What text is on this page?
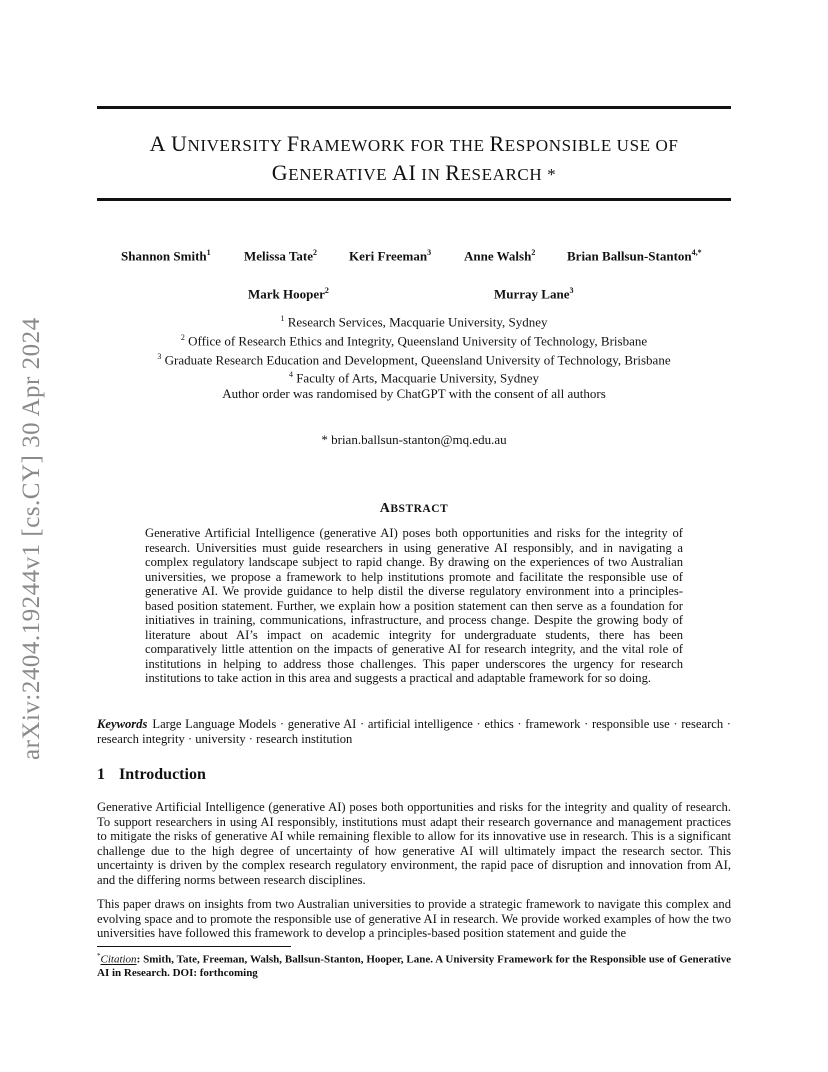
arXiv:2404.19244v1 [cs.CY] 30 Apr 2024
A UNIVERSITY FRAMEWORK FOR THE RESPONSIBLE USE OF
GENERATIVE AI IN RESEARCH *
Shannon Smith$^1$	Melissa Tate$^2$ Keri Freeman$^3$	Anne Walsh$^2$ Brian Ballsun-Stanton$^{4,*}$
Mark Hooper$^2$	Murray Lane$^3$
$^1$ Research Services, Macquarie University, Sydney
$^2$ Office of Research Ethics and Integrity, Queensland University of Technology, Brisbane
$^3$ Graduate Research Education and Development, Queensland University of Technology, Brisbane
$^4$ Faculty of Arts, Macquarie University, Sydney
Author order was randomised by ChatGPT with the consent of all authors
* brian.ballsun-stanton@mq.edu.au
ABSTRACT
Generative Artificial Intelligence (generative AI) poses both opportunities and risks for the integrity of research. Universities must guide researchers in using generative AI responsibly, and in navigating a complex regulatory landscape subject to rapid change. By drawing on the experiences of two Australian universities, we propose a framework to help institutions promote and facilitate the responsible use of generative AI. We provide guidance to help distil the diverse regulatory environment into a principles-based position statement. Further, we explain how a position statement can then serve as a foundation for initiatives in training, communications, infrastructure, and process change. Despite the growing body of literature about AI’s impact on academic integrity for undergraduate students, there has been comparatively little attention on the impacts of generative AI for research integrity, and the vital role of institutions in helping to address those challenges. This paper underscores the urgency for research institutions to take action in this area and suggests a practical and adaptable framework for so doing.
Keywords Large Language Models · generative AI · artificial intelligence · ethics · framework · responsible use · research · research integrity · university · research institution
1 Introduction

Generative Artificial Intelligence (generative AI) poses both opportunities and risks for the integrity and quality of research. To support researchers in using AI responsibly, institutions must adapt their research governance and management practices to mitigate the risks of generative AI while remaining flexible to allow for its innovative use in research. This is a significant challenge due to the high degree of uncertainty of how generative AI will ultimately impact the research sector. This uncertainty is driven by the complex research regulatory environment, the rapid pace of disruption and innovation from AI, and the differing norms between research disciplines.

This paper draws on insights from two Australian universities to provide a strategic framework to navigate this complex and evolving space and to promote the responsible use of generative AI in research. We provide worked examples of how the two universities have followed this framework to develop a principles-based position statement and guide the

*Citation: Smith, Tate, Freeman, Walsh, Ballsun-Stanton, Hooper, Lane. A University Framework for the Responsible use of Generative AI in Research. DOI: forthcoming
